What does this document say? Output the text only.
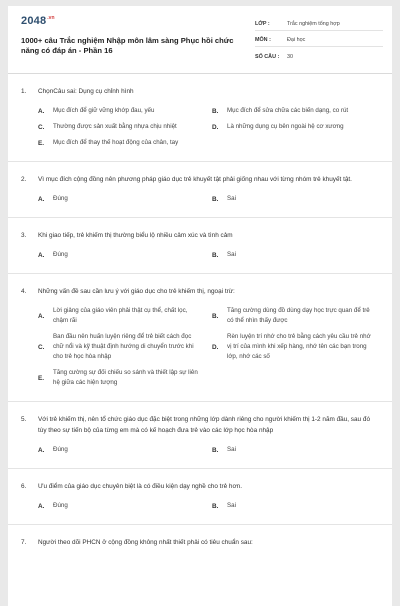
$2048^{.vn}$
1000+ câu Trắc nghiệm Nhập môn lâm sàng Phục hồi chức năng có đáp án - Phần 16
LỚP :	Trắc nghiệm tổng hợp
MÔN :	Đại học
SỐ CÂU :	30
1. ChọnCâu sai: Dụng cụ chỉnh hình
A.	Mục đích để giữ vững khớp đau, yếu	B.	Mục đích để sửa chữa các biến dạng, co rút
C.	Thường được sản xuất bằng nhựa chịu nhiệt	D.	Là những dụng cụ bên ngoài hệ cơ xương
E.	Mục đích để thay thế hoạt động của chân, tay
2. Vì mục đích cộng đồng nên phương pháp giáo dục trẻ khuyết tật phải giống nhau với từng nhóm trẻ khuyết tật.
A.	Đúng	B.	Sai
3. Khi giao tiếp, trẻ khiếm thị thường biểu lộ nhiều cảm xúc và tình cảm
A.	Đúng	B.	Sai
4. Những vấn đề sau cần lưu ý với giáo dục cho trẻ khiếm thị, ngoại trừ:
A.
Lời giảng của giáo viên phải thật cụ thể, chất lọc, chậm rãi
B.
Tăng cường dùng đồ dùng dạy học trực quan để trẻ có thể nhìn thấy được
C.
Ban đầu nên huấn luyện riêng để trẻ biết cách đọc chữ nổi và kỹ thuật định hướng di chuyển trước khi cho trẻ học hòa nhập
D.
Rèn luyện trí nhớ cho trẻ bằng cách yêu cầu trẻ nhớ vị trí của mình khi xếp hàng, nhớ tên các bạn trong lớp, nhớ các số
E.
Tăng cường sự đối chiếu so sánh và thiết lập sự liên hệ giữa các hiện tượng
5. Với trẻ khiếm thị, nên tổ chức giáo dục đặc biệt trong những lớp dành riêng cho người khiếm thị 1-2 năm đầu, sau đó tùy theo sự tiến bộ của từng em mà có kế hoạch đưa trẻ vào các lớp học hòa nhập
A.	Đúng	B.	Sai
6. Ưu điểm của giáo dục chuyên biệt là có điều kiện dạy nghề cho trẻ hơn.
A.	Đúng	B.	Sai
7. Người theo dõi PHCN ở cộng đồng không nhất thiết phải có tiêu chuẩn sau:
